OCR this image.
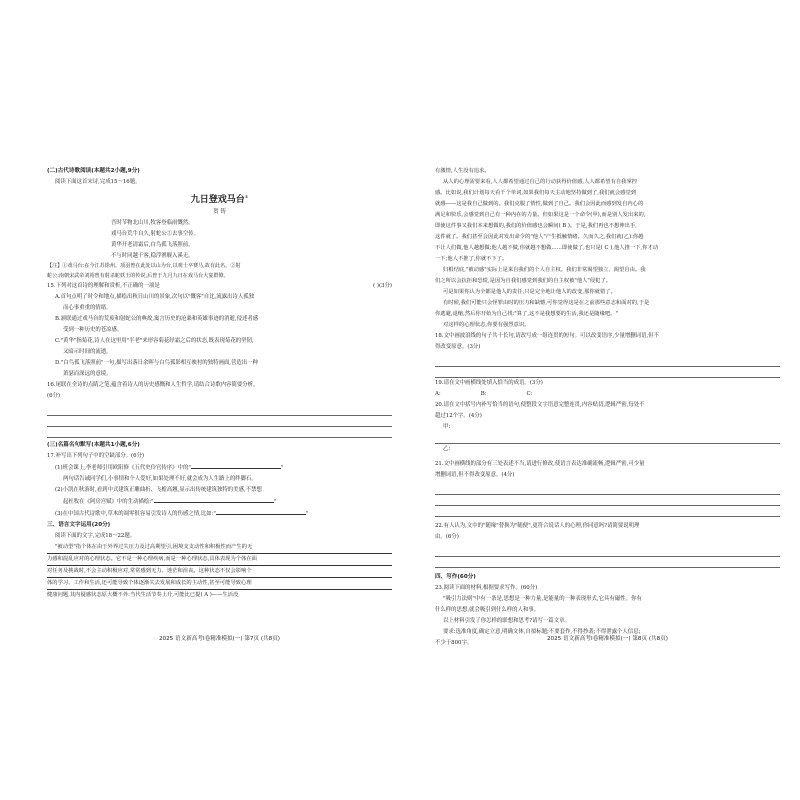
(二)古代诗歌阅读(本题共2小题,9分)
阅读下面这首宋诗,完成15～16题。
九日登戏马台①
贺 铸
吾时节物北山川,牧客登临雨慨然。
戏马台荒牛自久,射蛇公②去事空传。
黄华开老清霜后,白鸟孤飞落照前。
不与时同越千客,稳浮渔舰入溪无。
【注】①戏马台:在今江苏徐州。项羽曾在此处以山为台,以观士卒赛马,故有此名。②射
蛇公:南朝宋武帝刘裕曾有射杀蛇妖王的传说,后曾于九月九日在戏马台大宴群僚。
15.下列对这首诗的理解和赏析,不正确的一项是	( )(3分)
A.首句点明了时令和地点,描绘出秋日山川的景象,次句以"慨客"自比,流露出诗人孤独
而心事重重的情绪。
B.颔联通过戏马台的荒废和射蛇公的典故,寓言历史的沧桑和英雄事迹的消逝,侵述者感
受到一种历史的苍凉感。
C."黄华"指菊花,诗人在这里用"半老"来形容菊花经霜之后的状态,既表现菊花的坚韧,
又暗示时间的流逝。
D."白鸟孤飞落照前"一句,描写出落日余晖与白鸟孤影相互映衬的独特画面,营造出一种
萧瑟而深远的意境。
16.尾联在全诗的点睛之笔,蕴含着诗人的历史感慨和人生哲学,请结合诗歌内容简要分析。
(6分)
(三)名篇名句默写(本题共1小题,6分)
17.补写出下列句子中的空缺部分。(6分)
(1)班会课上,李老师引用欧阳修《五代史伶官传序》中的"	"
两句话告诫同学们,小事情和个人爱好,如果处理不好,就会成为人生路上的绊脚石。
(2)小凯在秋游时,看到中式建筑正雕曲折、飞檐高翘,显示出传统建筑独特的美感,不禁想
起杜牧在《阿房宫赋》中的生动描绘:"	"
(3)在中国古代诗歌中,草木的凋零很容易引发诗人的伤感之情,比如:"	"
三、语言文字运用(20分)
阅读下面的文字,完成18～22题。
"被动型"指个体在由于外界过失压力及过高期望引,困境支支动性和积极性而产生的无
力感和混乱应对的心理状态。它不是一种心理疾病,而是一种心理状态,具体表现为个体在面
对任务及挑战时,不会主动积极应对,常常感到无力、迷茫和沮丧。这种状态不仅会影响个
体的学习、工作和生活,还可能导致个体逐渐失去发展和成长的主动性,甚至可能导致心理
健康问题,其内疑感状态原大概不外:当代生活节奏上升,可能比已提( A )——生活没
有激情,人生没有追求。
从人的心理需要来看,人人都希望通过自己的行动获得价值感,人人都希望有自我掌控
感。比如说,我们计划每天看千个单词,如果我们每天主动地坚持做到了,我们就会感觉到
就感——这是我自己做到的。我们克服了情性,做到了自己。我们会因此而感到发自内心的
满足和快乐,会感觉到自己有一种内在的力量。但如果这是一个命令(甲),而是别人发出来的,
即使这件事又我们本来想做的,我们的价值感也会瞬间( B )。于是,我们再也不想伸出手,
这件就了。我们甚至会因此对发出命令的"他人"产生抵触情绪。久而久之,我们就(乙):你越
不让人们做,他人越想做;他人越不做,你就越不想做……即使做了,也只是( C ),他人推一下,你才动
一下;他人不推了,你就不下了。
归根结底,"被动感"实际上是来自我们的个人自主权。我们非常渴望独立、渴望自由。我
们之所以会抗拒和恐慌,是因为自我们感觉到我们的自主权被"他人"侵犯了。
可是如果你认为全都是他人的责任,只是完全地让他人的改变,那你就错了。
有时候,我们可能只会怪罪由时的压力和缺憾,可你觉得这是在之前那些意志和面对的,于是
你逃避,退缩,然后你开始为自己找:"算了,这不是我想要的生活,我还是随缘吧。"
对这样的心理状态,你要有强烈意识。
18.文中画波浪线的句子共十长句,请改写成一组连贯的短句。可以改变语序,少量增删词语,但不
得改变原意。(3分)
19.请在文中画横线处填入恰当的成语。(3分)
A:	B:	C:
20.请在文中括号内补写恰当的语句,使整段文字语意完整连贯,内容贴切,逻辑严密,每处不
超过12个字。(4分)
甲:
乙:
21.文中画横线的部分有三处表述不当,请进行修改,使语言表达准确流畅,逻辑严密,可少量
增删词语,但不得改变原意。(4分)
22.有人认为,文中的"随缘"替换为"随便",更符合说话人的心理,你同意吗?请简要说明理
由。(6分)
四、写作(60分)
23.阅读下面的材料,根据要求写作。(60分)
"吸引力法则"中有一条是,思想是一种力量,是能量的一种表现形式,它具有磁性。你有
什么样的思想,就会吸引到什么样的人和事。
以上材料引发了你怎样的联想和思考?请写一篇文章。
要求:选准角度,确定立意,明确文体,自拟标题;不要套作,不得抄袭;不得泄露个人信息;
不少于800字。
2025 语文新高考Ⅰ卷精准模拟(一) 第7页 (共8页)	2025 语文新高考Ⅰ卷精准模拟(一) 第8页 (共8页)
